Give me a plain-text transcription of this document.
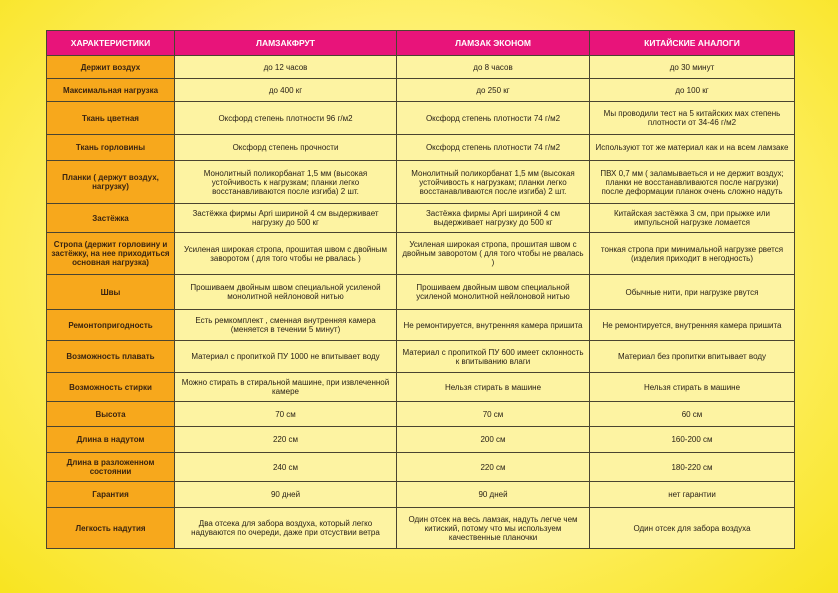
ХАРАКТЕРИСТИКИ	ЛАМЗАКФРУТ	ЛАМЗАК ЭКОНОМ	КИТАЙСКИЕ АНАЛОГИ
Держит воздух	до 12 часов	до 8 часов	до 30 минут
Максимальная нагрузка	до 400 кг	до 250 кг	до 100 кг
Ткань цветная	Оксфорд степень плотности 96 г/м2	Оксфорд степень плотности 74 г/м2	Мы проводили тест на 5 китайских мах степень плотности от 34-46 г/м2
Ткань горловины	Оксфорд степень прочности	Оксфорд степень плотности 74 г/м2	Используют тот же материал как и на всем ламзаке
Планки ( держут воздух, нагрузку)	Монолитный поликорбанат 1,5 мм (высокая устойчивость к нагрузкам; планки легко восстанавливаются после изгиба) 2 шт.	Монолитный поликорбанат 1,5 мм (высокая устойчивость к нагрузкам; планки легко восстанавливаются после изгиба) 2 шт.	ПВХ 0,7 мм ( заламываеться и не держит воздух; планки не восстанавливаются после нагрузки) после деформации планок очень сложно надуть
Застёжка	Застёжка фирмы Apri шириной 4 см выдерживает нагрузку до 500 кг	Застёжка фирмы Apri шириной 4 см выдерживает нагрузку до 500 кг	Китайская застёжка 3 см, при прыжке или импульсной нагрузке ломается
Стропа (держит горловину и застёжку, на нее приходиться основная нагрузка)	Усиленая широкая стропа, прошитая швом с двойным заворотом ( для того чтобы не рвалась )	Усиленая широкая стропа, прошитая швом с двойным заворотом ( для того чтобы не рвалась )	тонкая стропа при минимальной нагрузке рвется (изделия приходит в негодность)
Швы	Прошиваем двойным швом специальной усиленой монолитной нейлоновой нитью	Прошиваем двойным швом специальной усиленой монолитной нейлоновой нитью	Обычные нити, при нагрузке рвутся
Ремонтопригодность	Есть ремкомплект , сменная внутренняя камера (меняется в течении 5 минут)	Не ремонтируется, внутренняя камера пришита	Не ремонтируется, внутренняя камера пришита
Возможность плавать	Материал с пропиткой ПУ 1000 не впитывает воду	Материал с пропиткой ПУ 600 имеет склонность к впитыванию влаги	Материал без пропитки впитывает воду
Возможность стирки	Можно стирать в стиральной машине, при извлеченной камере	Нельзя стирать в машине	Нельзя стирать в машине
Высота	70 см	70 см	60 см
Длина в надутом	220 см	200 см	160-200 см
Длина в разложенном состоянии	240 см	220 см	180-220 см
Гарантия	90 дней	90 дней	нет гарантии
Легкость надутия	Два отсека для забора воздуха, который легко надуваются по очереди, даже при отсуствии ветра	Один отсек на весь ламзак, надуть легче чем китиский, потому что мы используем качественные планочки	Один отсек для забора воздуха
